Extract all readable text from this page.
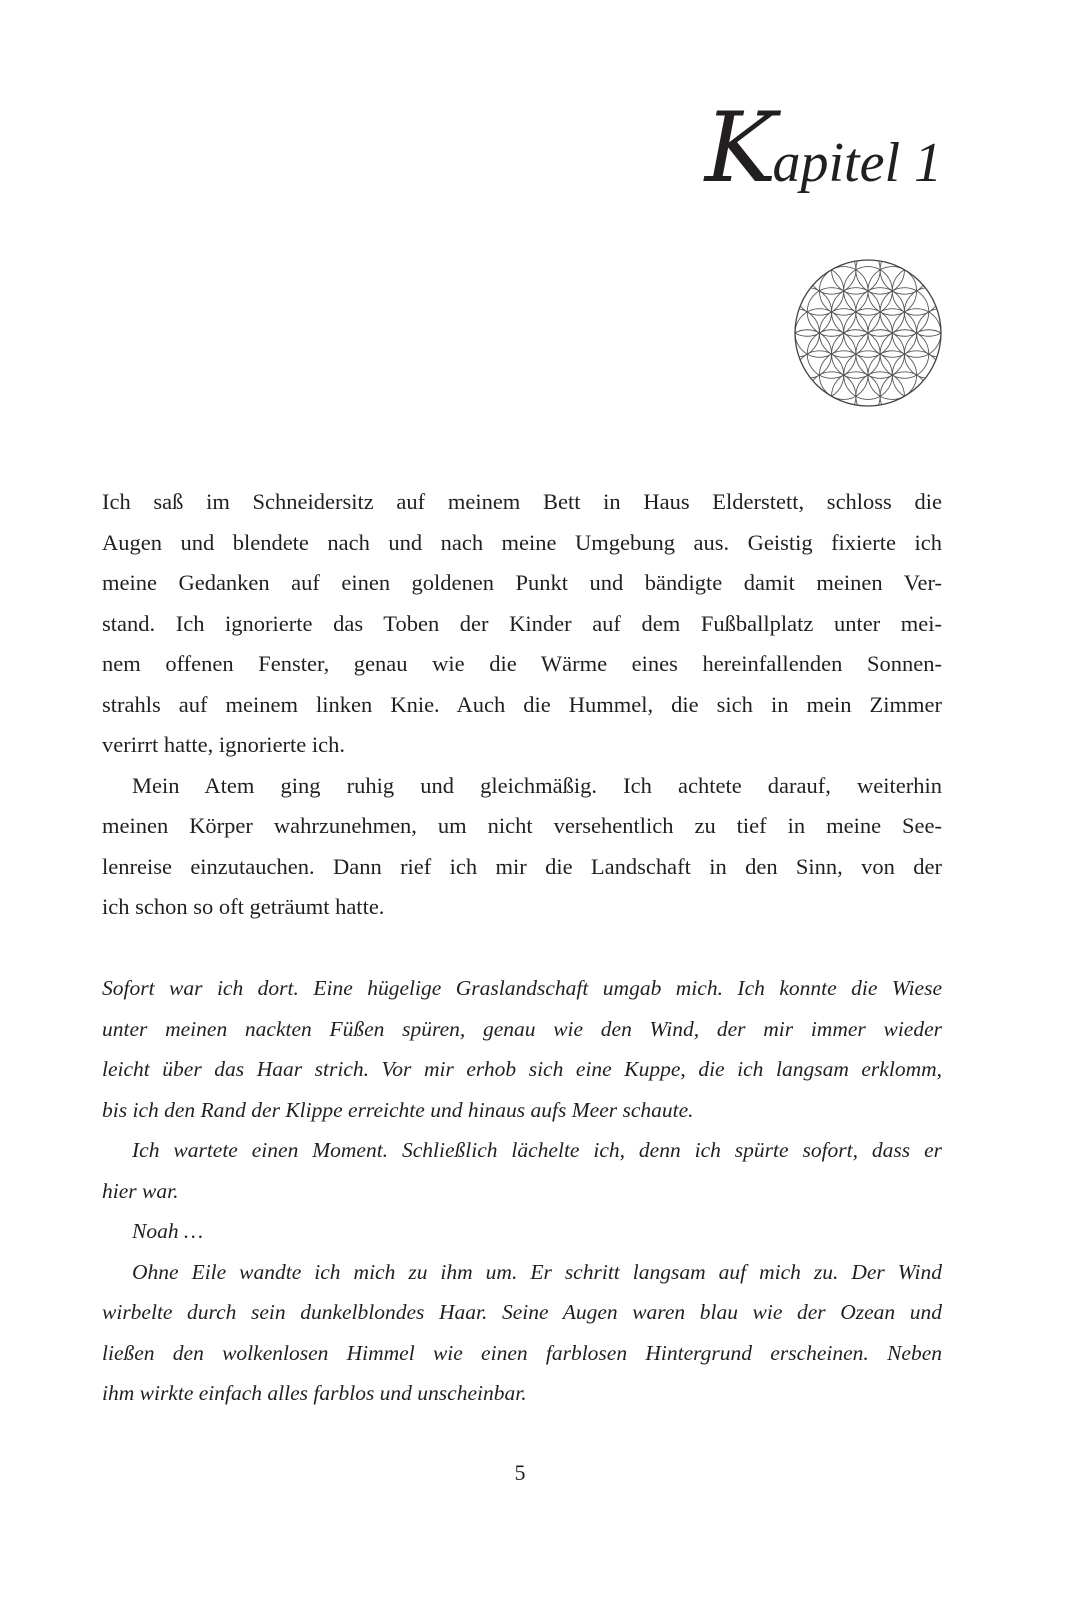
Kapitel 1
Ich saß im Schneidersitz auf meinem Bett in Haus Elderstett, schloss die
Augen und blendete nach und nach meine Umgebung aus. Geistig fixierte ich
meine Gedanken auf einen goldenen Punkt und bändigte damit meinen Ver-
stand. Ich ignorierte das Toben der Kinder auf dem Fußballplatz unter mei-
nem offenen Fenster, genau wie die Wärme eines hereinfallenden Sonnen-
strahls auf meinem linken Knie. Auch die Hummel, die sich in mein Zimmer
verirrt hatte, ignorierte ich.
Mein Atem ging ruhig und gleichmäßig. Ich achtete darauf, weiterhin
meinen Körper wahrzunehmen, um nicht versehentlich zu tief in meine See-
lenreise einzutauchen. Dann rief ich mir die Landschaft in den Sinn, von der
ich schon so oft geträumt hatte.
Sofort war ich dort. Eine hügelige Graslandschaft umgab mich. Ich konnte die Wiese
unter meinen nackten Füßen spüren, genau wie den Wind, der mir immer wieder
leicht über das Haar strich. Vor mir erhob sich eine Kuppe, die ich langsam erklomm,
bis ich den Rand der Klippe erreichte und hinaus aufs Meer schaute.
Ich wartete einen Moment. Schließlich lächelte ich, denn ich spürte sofort, dass er
hier war.
Noah …
Ohne Eile wandte ich mich zu ihm um. Er schritt langsam auf mich zu. Der Wind
wirbelte durch sein dunkelblondes Haar. Seine Augen waren blau wie der Ozean und
ließen den wolkenlosen Himmel wie einen farblosen Hintergrund erscheinen. Neben
ihm wirkte einfach alles farblos und unscheinbar.
5
